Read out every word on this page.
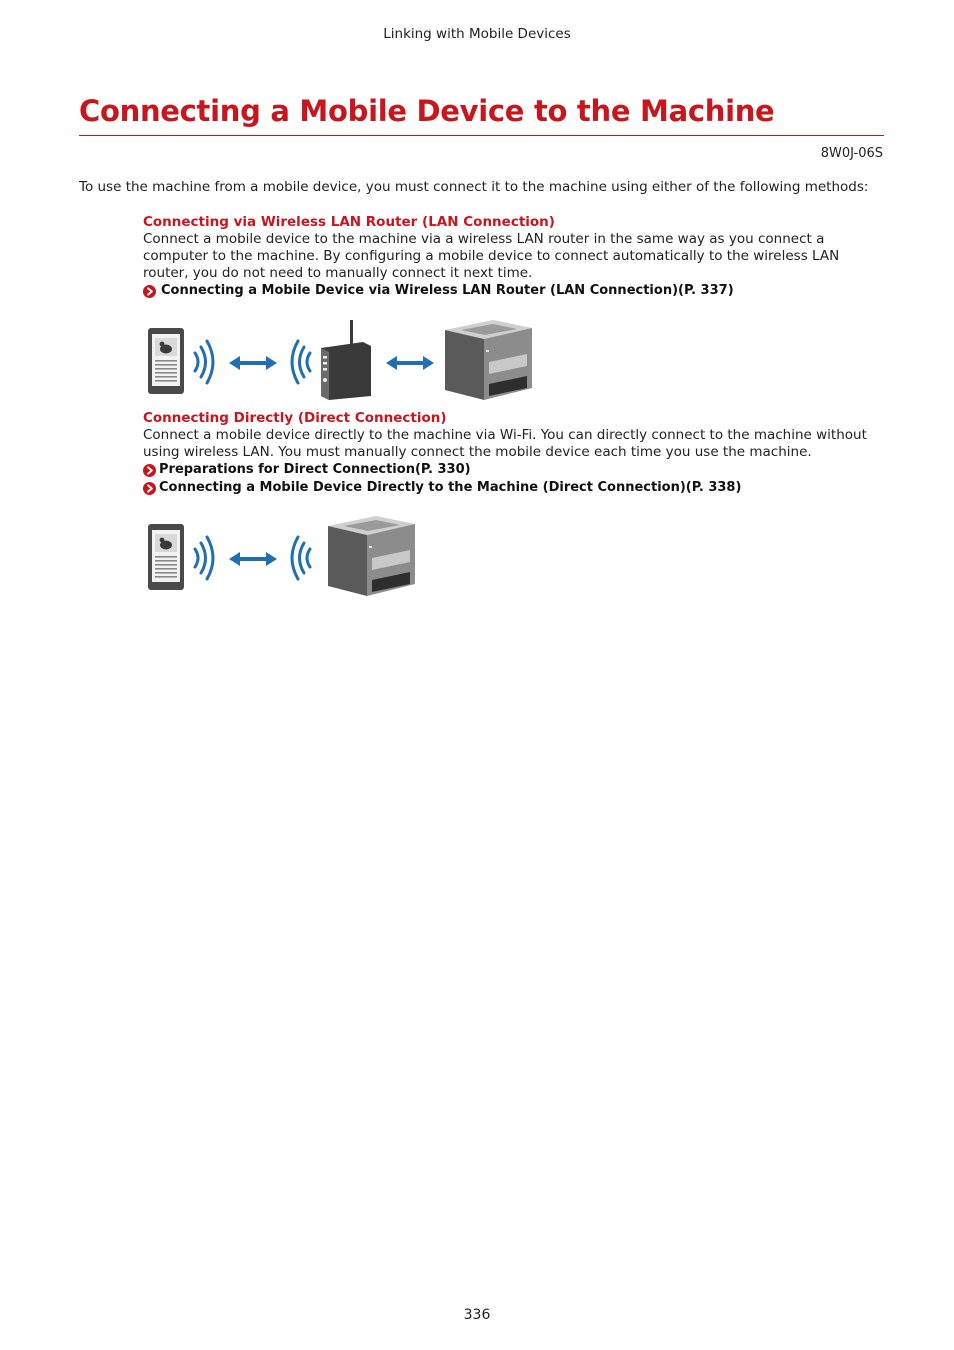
Linking with Mobile Devices
Connecting a Mobile Device to the Machine
8W0J-06S

To use the machine from a mobile device, you must connect it to the machine using either of the following methods:

Connecting via Wireless LAN Router (LAN Connection)

Connect a mobile device to the machine via a wireless LAN router in the same way as you connect a computer to the machine. By configuring a mobile device to connect automatically to the wireless LAN router, you do not need to manually connect it next time.

Connecting a Mobile Device via Wireless LAN Router (LAN Connection)(P. 337)

Connecting Directly (Direct Connection)

Connect a mobile device directly to the machine via Wi-Fi. You can directly connect to the machine without using wireless LAN. You must manually connect the mobile device each time you use the machine.

Preparations for Direct Connection(P. 330)
Connecting a Mobile Device Directly to the Machine (Direct Connection)(P. 338)
336
